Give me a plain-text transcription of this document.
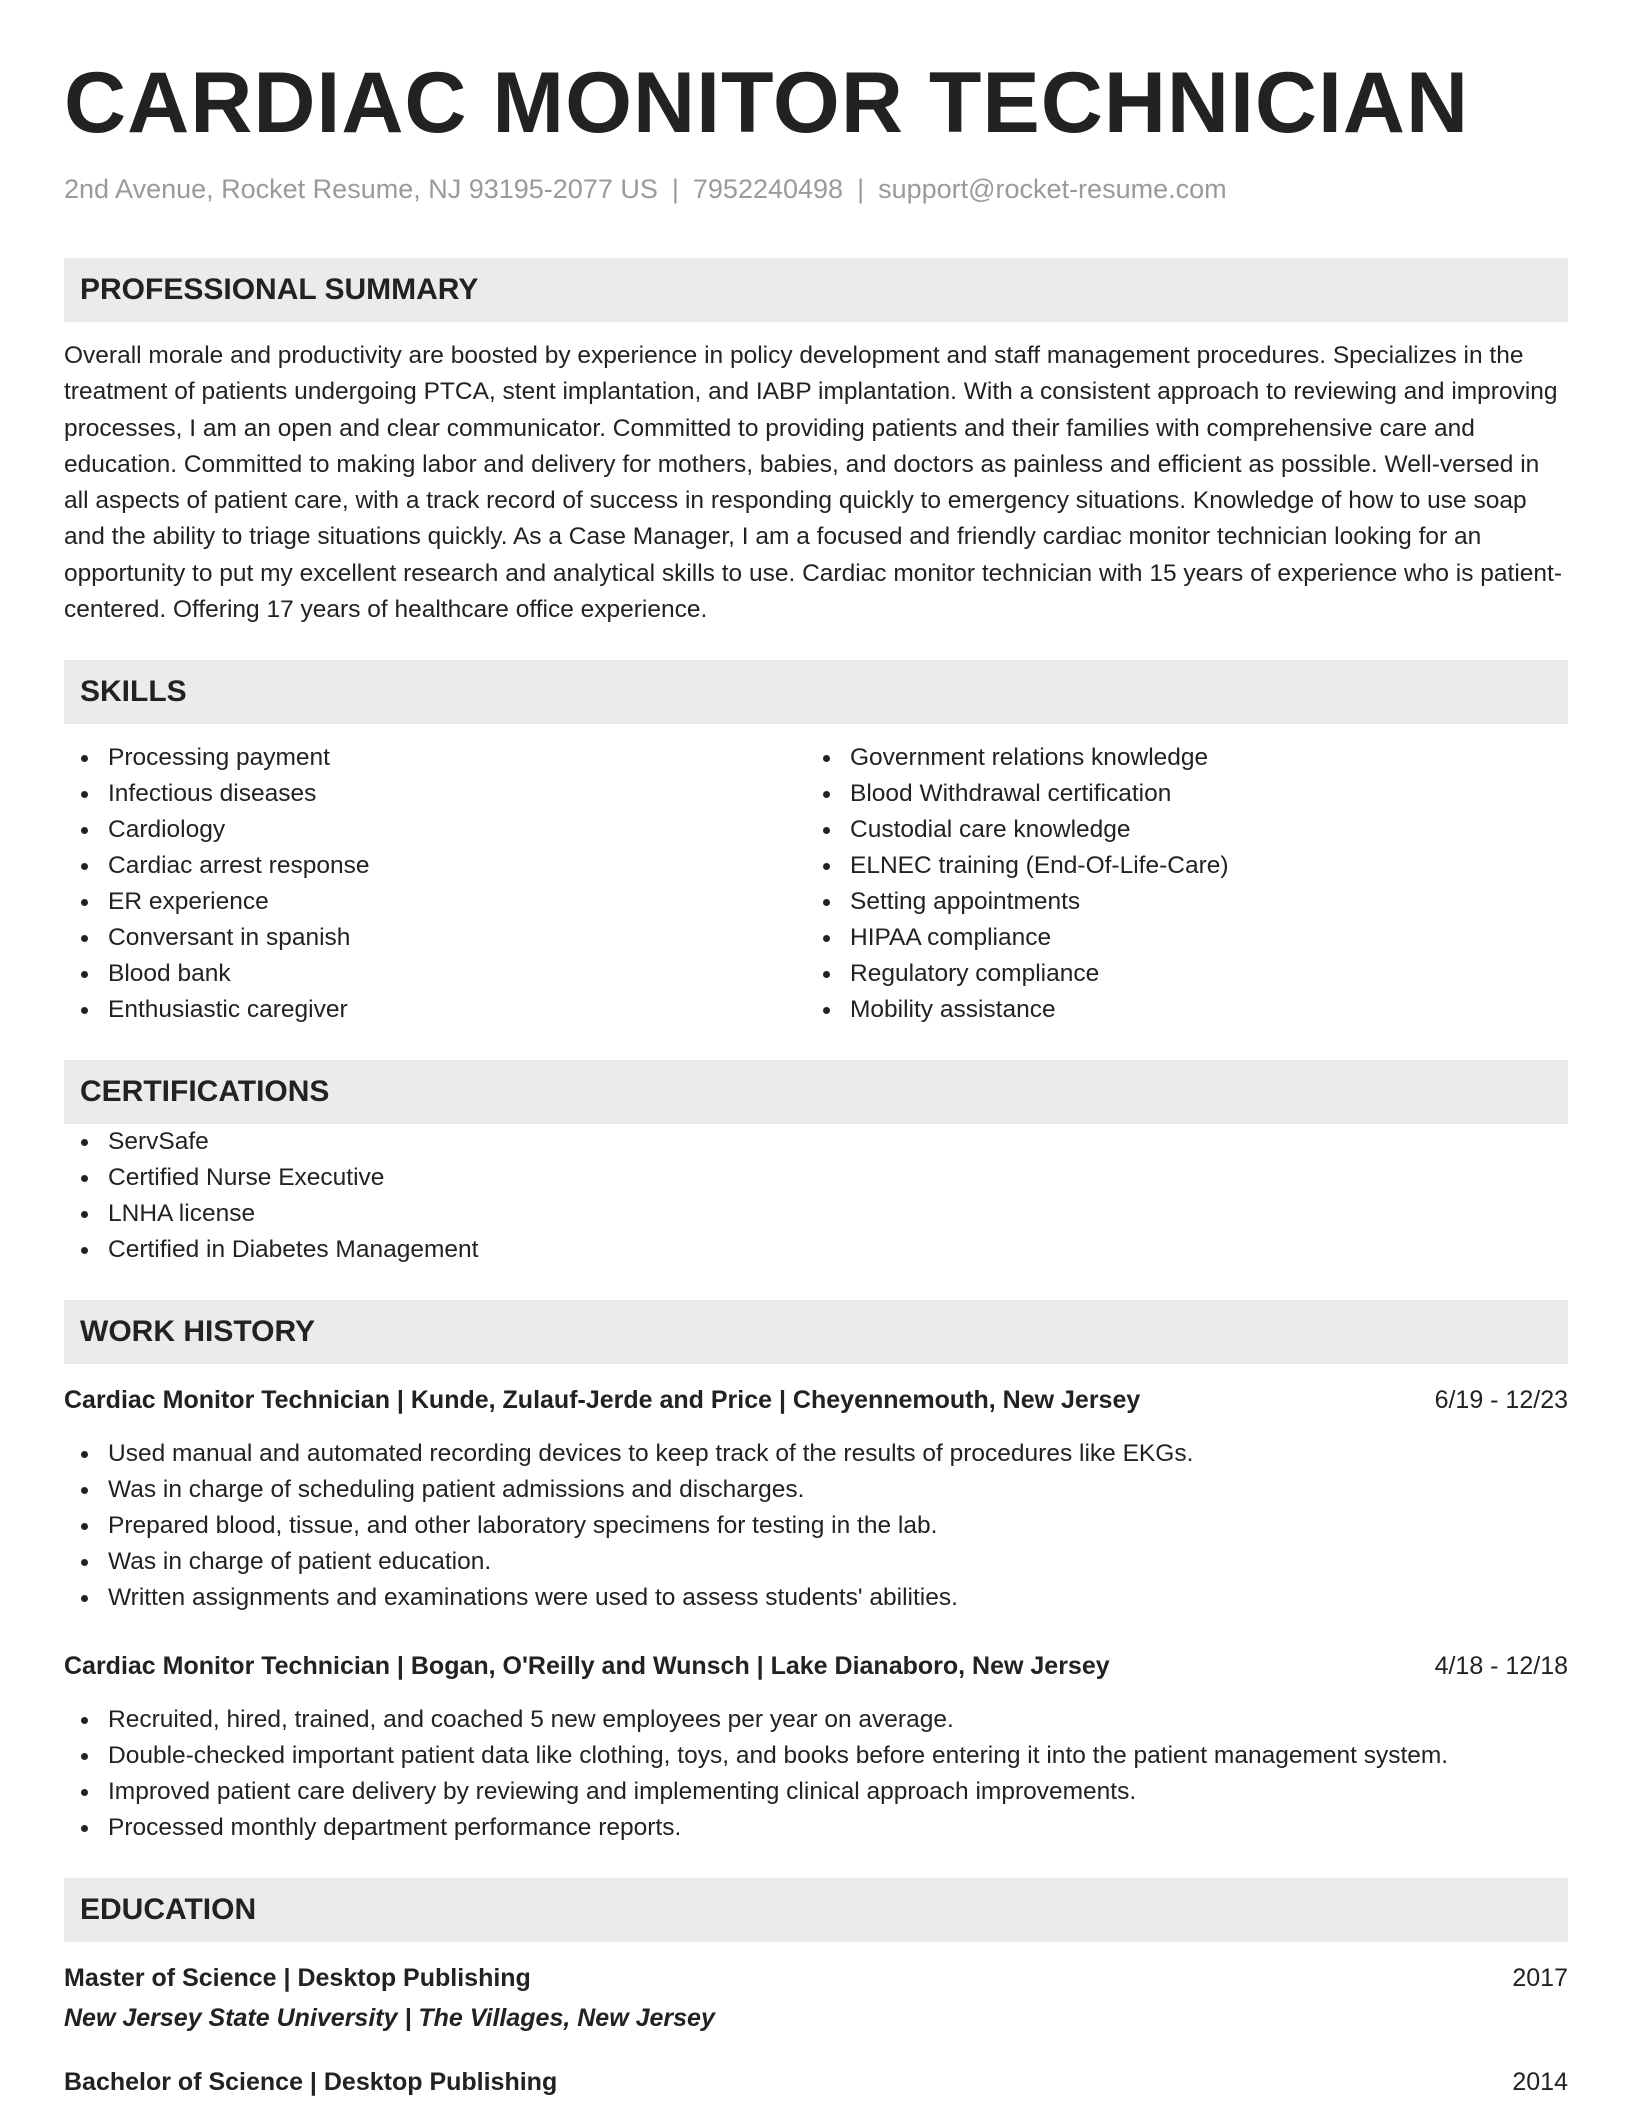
CARDIAC MONITOR TECHNICIAN
2nd Avenue, Rocket Resume, NJ 93195-2077 US | 7952240498 | support@rocket-resume.com
PROFESSIONAL SUMMARY

Overall morale and productivity are boosted by experience in policy development and staff management procedures. Specializes in the treatment of patients undergoing PTCA, stent implantation, and IABP implantation. With a consistent approach to reviewing and improving processes, I am an open and clear communicator. Committed to providing patients and their families with comprehensive care and education. Committed to making labor and delivery for mothers, babies, and doctors as painless and efficient as possible. Well-versed in all aspects of patient care, with a track record of success in responding quickly to emergency situations. Knowledge of how to use soap and the ability to triage situations quickly. As a Case Manager, I am a focused and friendly cardiac monitor technician looking for an opportunity to put my excellent research and analytical skills to use. Cardiac monitor technician with 15 years of experience who is patient-centered. Offering 17 years of healthcare office experience.

SKILLS
Processing payment
Infectious diseases
Cardiology
Cardiac arrest response
ER experience
Conversant in spanish
Blood bank
Enthusiastic caregiver
Government relations knowledge
Blood Withdrawal certification
Custodial care knowledge
ELNEC training (End-Of-Life-Care)
Setting appointments
HIPAA compliance
Regulatory compliance
Mobility assistance
CERTIFICATIONS
ServSafe
Certified Nurse Executive
LNHA license
Certified in Diabetes Management
WORK HISTORY
Cardiac Monitor Technician | Kunde, Zulauf-Jerde and Price | Cheyennemouth, New Jersey	6/19 - 12/23
Used manual and automated recording devices to keep track of the results of procedures like EKGs.
Was in charge of scheduling patient admissions and discharges.
Prepared blood, tissue, and other laboratory specimens for testing in the lab.
Was in charge of patient education.
Written assignments and examinations were used to assess students' abilities.
Cardiac Monitor Technician | Bogan, O'Reilly and Wunsch | Lake Dianaboro, New Jersey	4/18 - 12/18
Recruited, hired, trained, and coached 5 new employees per year on average.
Double-checked important patient data like clothing, toys, and books before entering it into the patient management system.
Improved patient care delivery by reviewing and implementing clinical approach improvements.
Processed monthly department performance reports.
EDUCATION
Master of Science | Desktop Publishing	2017
New Jersey State University | The Villages, New Jersey
Bachelor of Science | Desktop Publishing	2014
